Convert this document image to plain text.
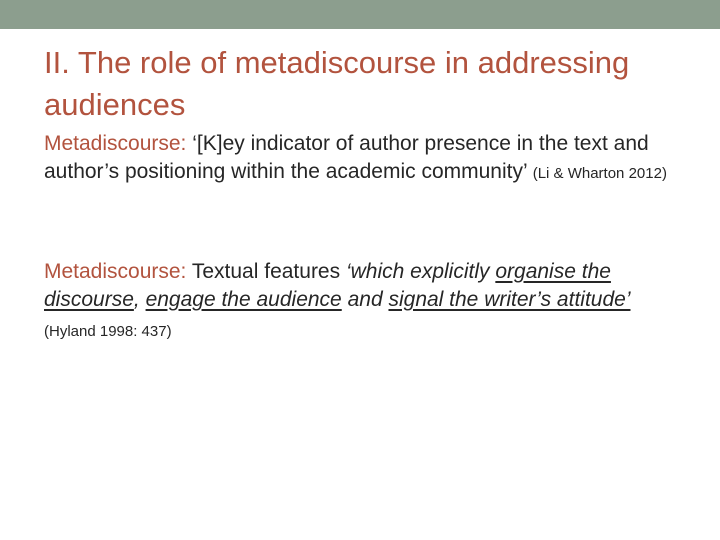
II. The role of metadiscourse in addressing audiences

Metadiscourse: ‘[K]ey indicator of author presence in the text and author’s positioning within the academic community’ (Li & Wharton 2012)

Metadiscourse: Textual features ‘which explicitly organise the discourse, engage the audience and signal the writer’s attitude’ (Hyland 1998: 437)
